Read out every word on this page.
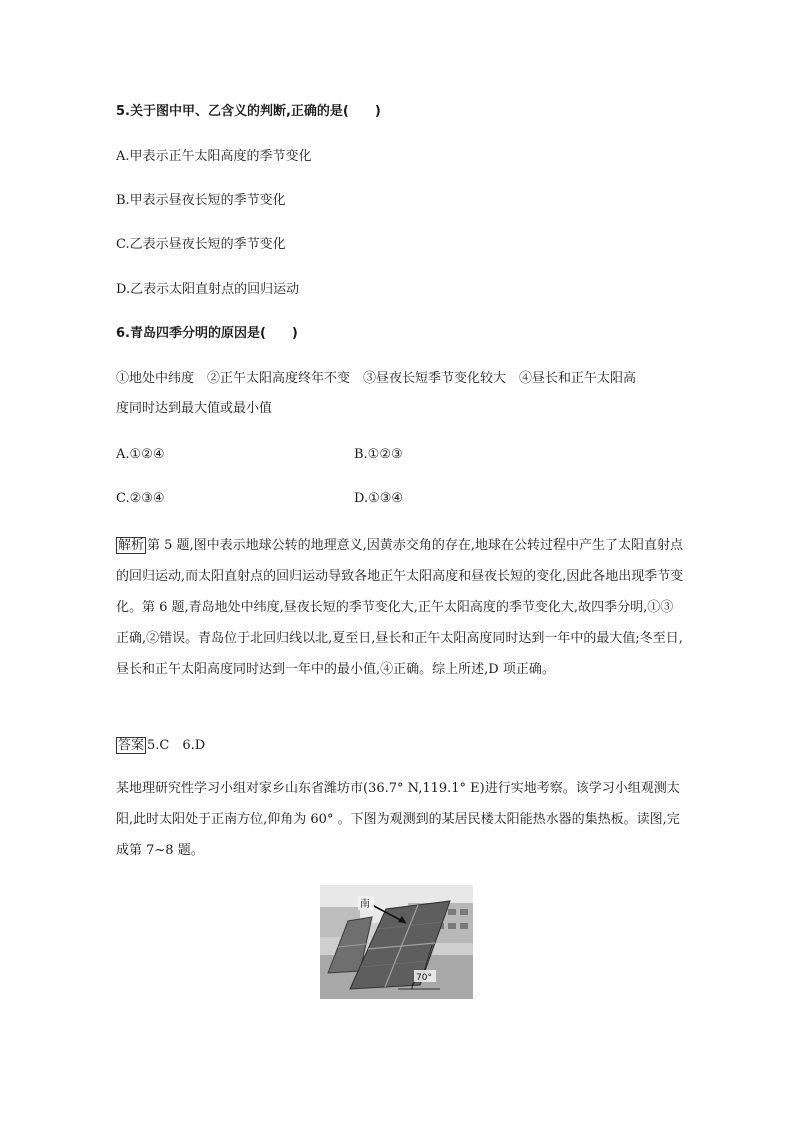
5.关于图中甲、乙含义的判断,正确的是(　　)
A.甲表示正午太阳高度的季节变化
B.甲表示昼夜长短的季节变化
C.乙表示昼夜长短的季节变化
D.乙表示太阳直射点的回归运动
6.青岛四季分明的原因是(　　)
①地处中纬度　②正午太阳高度终年不变　③昼夜长短季节变化较大　④昼长和正午太阳高
度同时达到最大值或最小值
A.①②④	B.①②③
C.②③④	D.①③④
解析 第 5 题,图中表示地球公转的地理意义,因黄赤交角的存在,地球在公转过程中产生了太阳直射点的回归运动,而太阳直射点的回归运动导致各地正午太阳高度和昼夜长短的变化,因此各地出现季节变化。第 6 题,青岛地处中纬度,昼夜长短的季节变化大,正午太阳高度的季节变化大,故四季分明,①③正确,②错误。青岛位于北回归线以北,夏至日,昼长和正午太阳高度同时达到一年中的最大值;冬至日,昼长和正午太阳高度同时达到一年中的最小值,④正确。综上所述,D 项正确。
答案 5.C　6.D
某地理研究性学习小组对家乡山东省潍坊市(36.7° N,119.1° E)进行实地考察。该学习小组观测太阳,此时太阳处于正南方位,仰角为 60° 。下图为观测到的某居民楼太阳能热水器的集热板。读图,完成第 7~8 题。
南
70°
